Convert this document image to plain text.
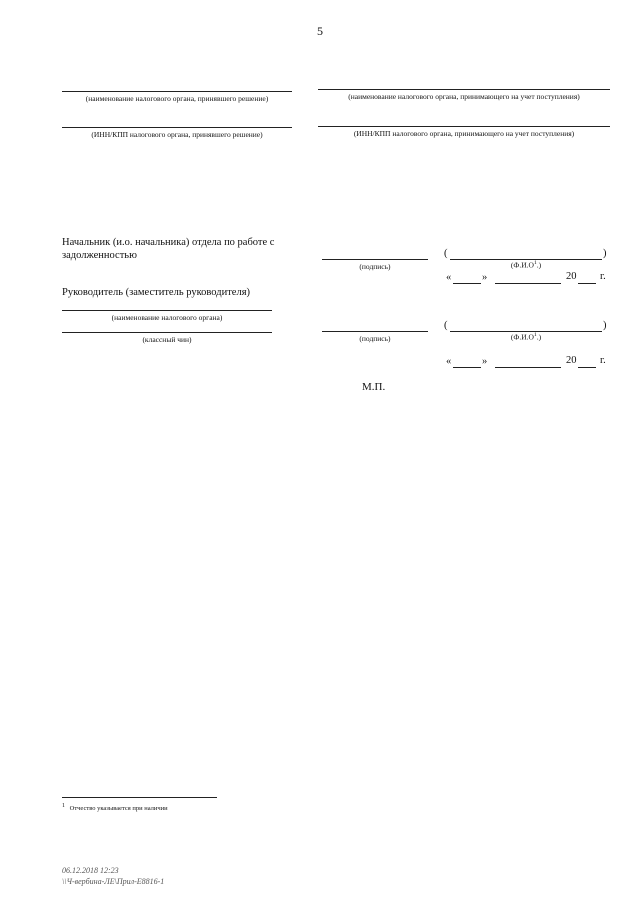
5
(наименование налогового органа, принявшего решение)
(ИНН/КПП налогового органа, принявшего решение)
(наименование налогового органа, принимающего на учет поступления)
(ИНН/КПП налогового органа, принимающего на учет поступления)
Начальник (и.о. начальника) отдела по работе с
задолженностью
(подпись)
(	)
$(Ф.И.О^1.)$
«	»	20 г.
Руководитель (заместитель руководителя)
(наименование налогового органа)
(классный чин)	(подпись)
(	)
$(Ф.И.О^1.)$
«	»	20 г.
М.П.
$^1$ Отчество указывается при наличии
06.12.2018 12:23
\\Ч-вербина-ЛЕ\Прил-Е8816-1
